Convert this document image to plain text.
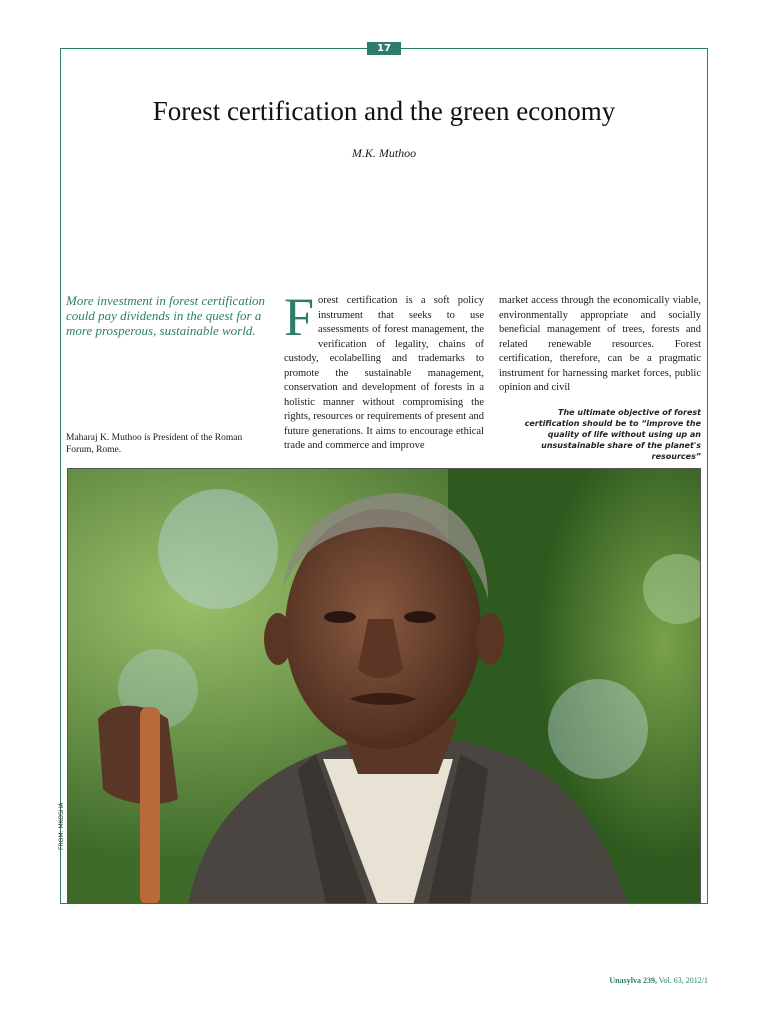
17
Forest certification and the green economy
M.K. Muthoo
More investment in forest certification could pay dividends in the quest for a more prosperous, sustainable world.
Maharaj K. Muthoo is President of the Roman Forum, Rome.
Forest certification is a soft policy instrument that seeks to use assessments of forest management, the verification of legality, chains of custody, ecolabelling and trademarks to promote the sustainable management, conservation and development of forests in a holistic manner without compromising the rights, resources or requirements of present and future generations. It aims to encourage ethical trade and commerce and improve
market access through the economically viable, environmentally appropriate and socially beneficial management of trees, forests and related renewable resources. Forest certification, therefore, can be a pragmatic instrument for harnessing market forces, public opinion and civil
The ultimate objective of forest certification should be to “improve the quality of life without using up an unsustainable share of the planet's resources”
FROM: MKOSHA
Unasylva 239, Vol. 63, 2012/1
